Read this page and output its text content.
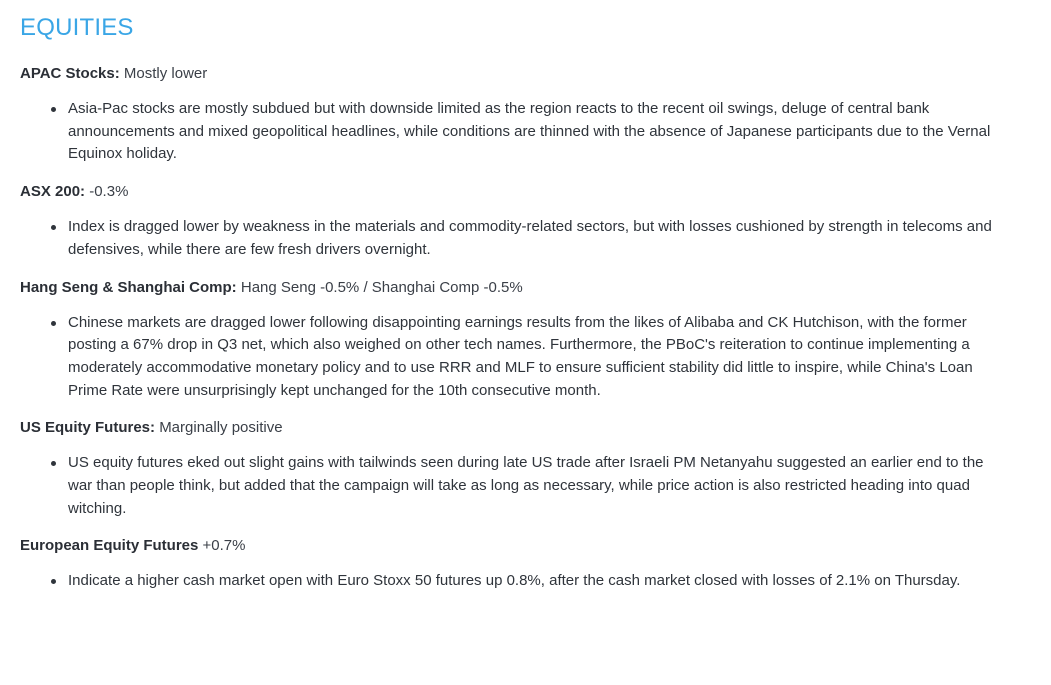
EQUITIES

APAC Stocks: Mostly lower

Asia-Pac stocks are mostly subdued but with downside limited as the region reacts to the recent oil swings, deluge of central bank announcements and mixed geopolitical headlines, while conditions are thinned with the absence of Japanese participants due to the Vernal Equinox holiday.

ASX 200: -0.3%

Index is dragged lower by weakness in the materials and commodity-related sectors, but with losses cushioned by strength in telecoms and defensives, while there are few fresh drivers overnight.

Hang Seng & Shanghai Comp: Hang Seng -0.5% / Shanghai Comp -0.5%

Chinese markets are dragged lower following disappointing earnings results from the likes of Alibaba and CK Hutchison, with the former posting a 67% drop in Q3 net, which also weighed on other tech names. Furthermore, the PBoC's reiteration to continue implementing a moderately accommodative monetary policy and to use RRR and MLF to ensure sufficient stability did little to inspire, while China's Loan Prime Rate were unsurprisingly kept unchanged for the 10th consecutive month.

US Equity Futures: Marginally positive

US equity futures eked out slight gains with tailwinds seen during late US trade after Israeli PM Netanyahu suggested an earlier end to the war than people think, but added that the campaign will take as long as necessary, while price action is also restricted heading into quad witching.

European Equity Futures +0.7%

Indicate a higher cash market open with Euro Stoxx 50 futures up 0.8%, after the cash market closed with losses of 2.1% on Thursday.
